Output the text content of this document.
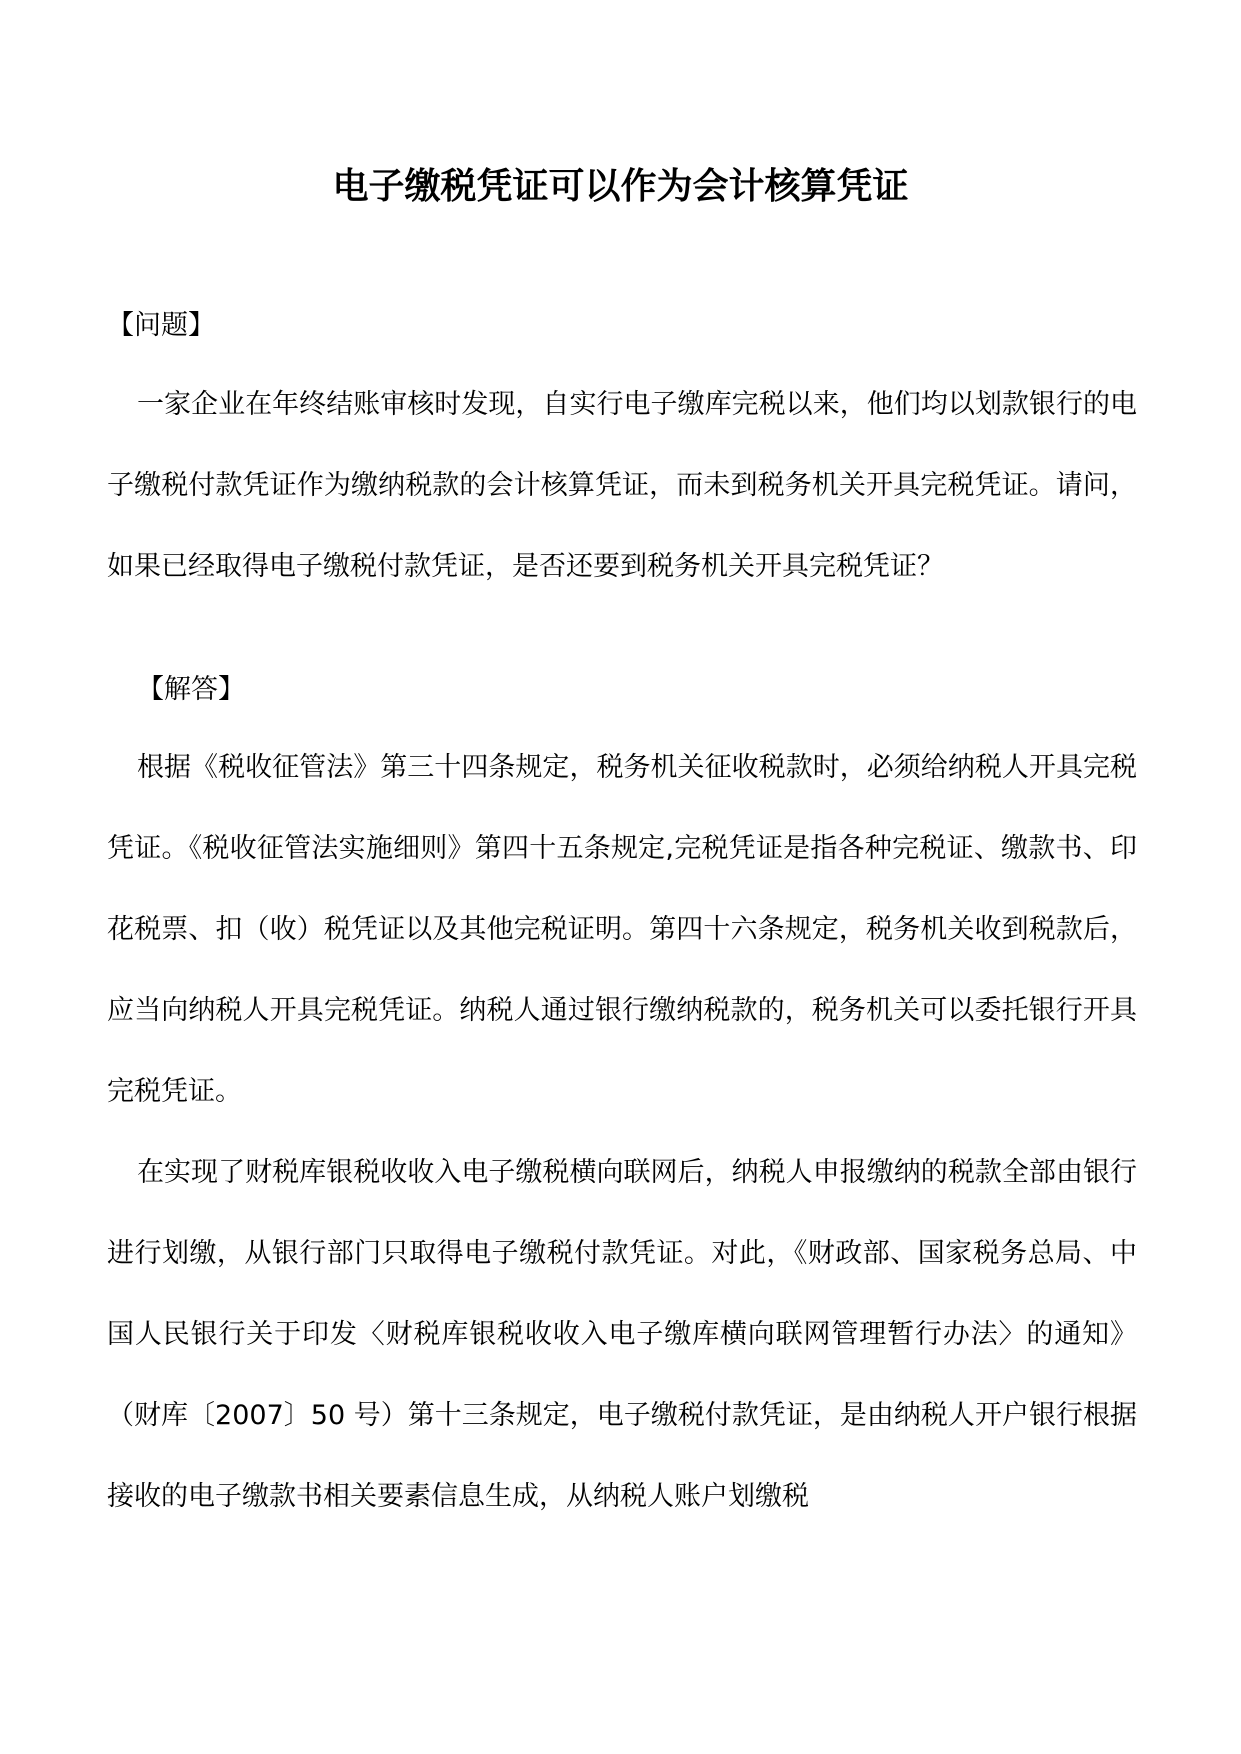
电子缴税凭证可以作为会计核算凭证
【问题】

一家企业在年终结账审核时发现，自实行电子缴库完税以来，他们均以划款银行的电子缴税付款凭证作为缴纳税款的会计核算凭证，而未到税务机关开具完税凭证。请问，如果已经取得电子缴税付款凭证，是否还要到税务机关开具完税凭证？

【解答】

根据《税收征管法》第三十四条规定，税务机关征收税款时，必须给纳税人开具完税凭证。《税收征管法实施细则》第四十五条规定,完税凭证是指各种完税证、缴款书、印花税票、扣（收）税凭证以及其他完税证明。第四十六条规定，税务机关收到税款后，应当向纳税人开具完税凭证。纳税人通过银行缴纳税款的，税务机关可以委托银行开具完税凭证。

在实现了财税库银税收收入电子缴税横向联网后，纳税人申报缴纳的税款全部由银行进行划缴，从银行部门只取得电子缴税付款凭证。对此，《财政部、国家税务总局、中国人民银行关于印发〈财税库银税收收入电子缴库横向联网管理暂行办法〉的通知》（财库〔2007〕50 号）第十三条规定，电子缴税付款凭证，是由纳税人开户银行根据接收的电子缴款书相关要素信息生成，从纳税人账户划缴税
